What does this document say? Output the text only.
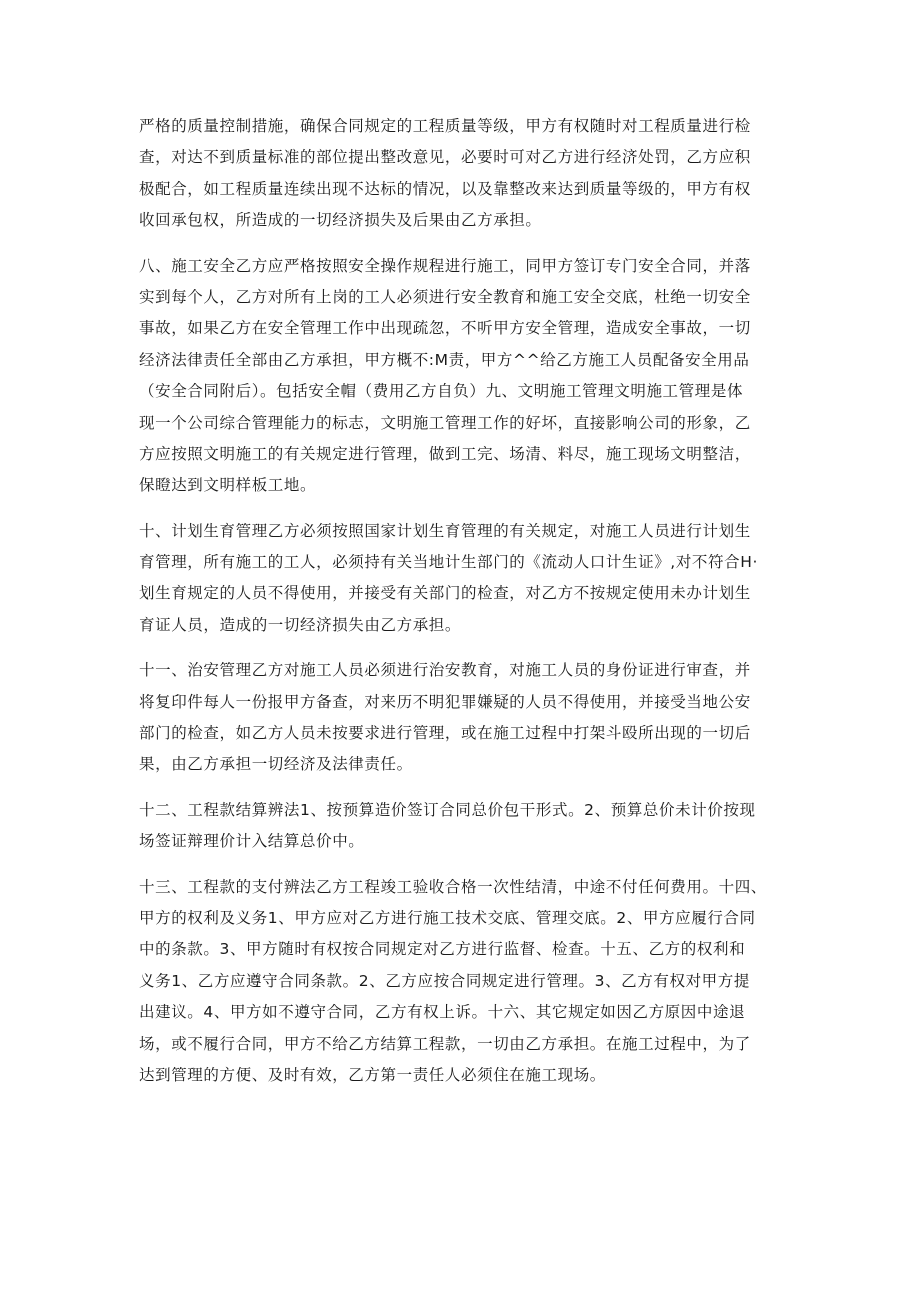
严格的质量控制措施，确保合同规定的工程质量等级，甲方有权随时对工程质量进行检
查，对达不到质量标准的部位提出整改意见，必要时可对乙方进行经济处罚，乙方应积
极配合，如工程质量连续出现不达标的情况，以及靠整改来达到质量等级的，甲方有权
收回承包权，所造成的一切经济损失及后果由乙方承担。
八、施工安全乙方应严格按照安全操作规程进行施工，同甲方签订专门安全合同，并落
实到每个人，乙方对所有上岗的工人必须进行安全教育和施工安全交底，杜绝一切安全
事故，如果乙方在安全管理工作中出现疏忽，不听甲方安全管理，造成安全事故，一切
经济法律责任全部由乙方承担，甲方概不:M责，甲方^^给乙方施工人员配备安全用品
（安全合同附后）。包括安全帽（费用乙方自负）九、文明施工管理文明施工管理是体
现一个公司综合管理能力的标志，文明施工管理工作的好坏，直接影响公司的形象，乙
方应按照文明施工的有关规定进行管理，做到工完、场清、料尽，施工现场文明整洁，
保瞪达到文明样板工地。
十、计划生育管理乙方必须按照国家计划生育管理的有关规定，对施工人员进行计划生
育管理，所有施工的工人，必须持有关当地计生部门的《流动人口计生证》,对不符合H·
划生育规定的人员不得使用，并接受有关部门的检查，对乙方不按规定使用未办计划生
育证人员，造成的一切经济损失由乙方承担。
十一、治安管理乙方对施工人员必须进行治安教育，对施工人员的身份证进行审查，并
将复印件每人一份报甲方备查，对来历不明犯罪嫌疑的人员不得使用，并接受当地公安
部门的检查，如乙方人员未按要求进行管理，或在施工过程中打架斗殴所出现的一切后
果，由乙方承担一切经济及法律责任。
十二、工程款结算辨法1、按预算造价签订合同总价包干形式。2、预算总价未计价按现
场签证辩理价计入结算总价中。
十三、工程款的支付辨法乙方工程竣工验收合格一次性结清，中途不付任何费用。十四、
甲方的权利及义务1、甲方应对乙方进行施工技术交底、管理交底。2、甲方应履行合同
中的条款。3、甲方随时有权按合同规定对乙方进行监督、检查。十五、乙方的权利和
义务1、乙方应遵守合同条款。2、乙方应按合同规定进行管理。3、乙方有权对甲方提
出建议。4、甲方如不遵守合同，乙方有权上诉。十六、其它规定如因乙方原因中途退
场，或不履行合同，甲方不给乙方结算工程款，一切由乙方承担。在施工过程中，为了
达到管理的方便、及时有效，乙方第一责任人必须住在施工现场。
